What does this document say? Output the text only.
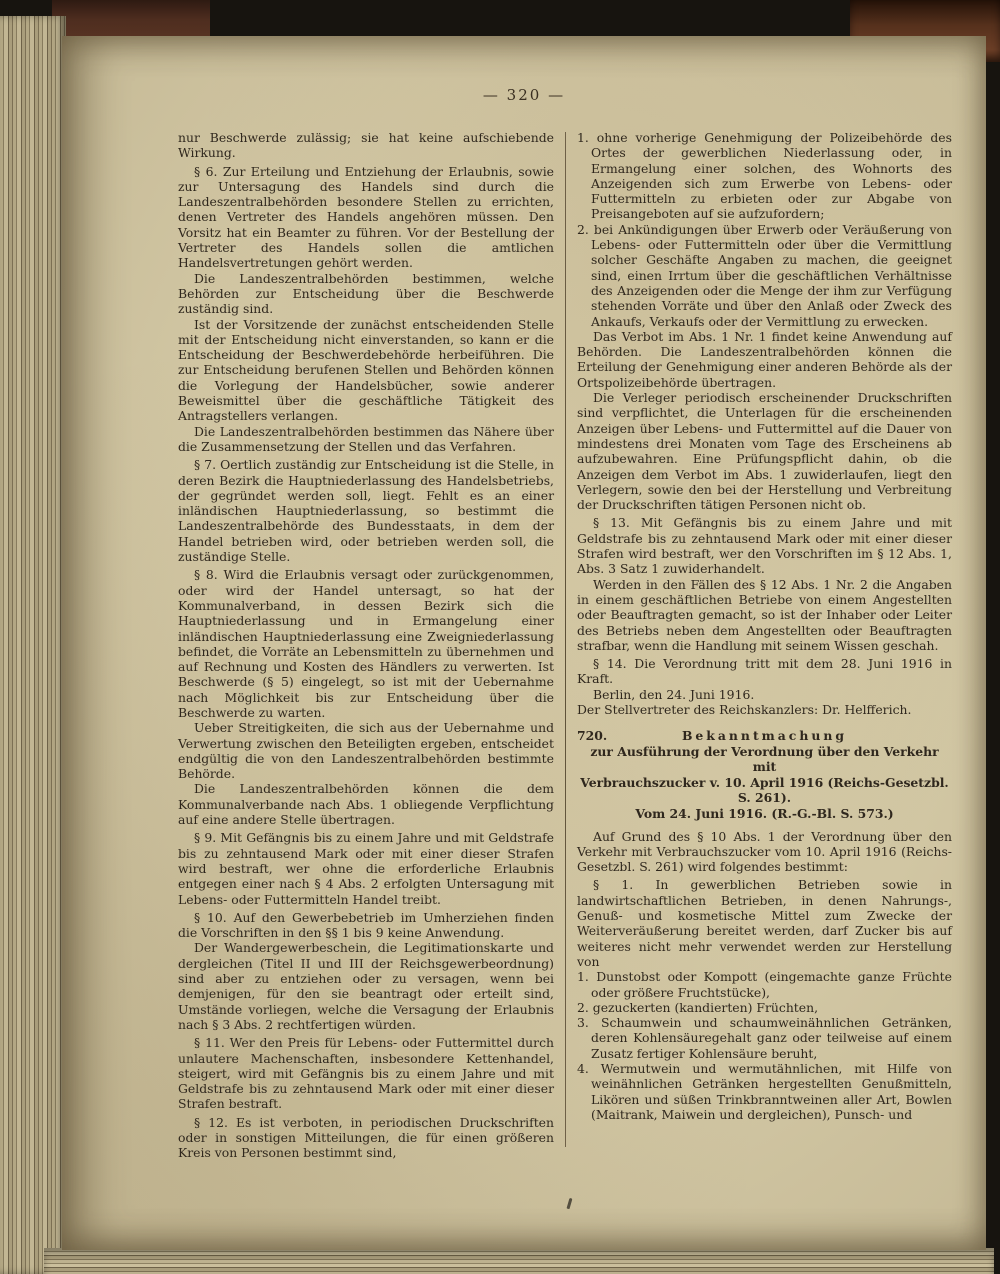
— 320 —

nur Beschwerde zulässig; sie hat keine aufschiebende Wirkung.

§ 6. Zur Erteilung und Entziehung der Erlaubnis, sowie zur Untersagung des Handels sind durch die Landeszentralbehörden besondere Stellen zu errichten, denen Vertreter des Handels angehören müssen. Den Vorsitz hat ein Beamter zu führen. Vor der Bestellung der Vertreter des Handels sollen die amtlichen Handelsvertretungen gehört werden.

Die Landeszentralbehörden bestimmen, welche Behörden zur Entscheidung über die Beschwerde zuständig sind.

Ist der Vorsitzende der zunächst entscheidenden Stelle mit der Entscheidung nicht einverstanden, so kann er die Entscheidung der Beschwerdebehörde herbeiführen. Die zur Entscheidung berufenen Stellen und Behörden können die Vorlegung der Handelsbücher, sowie anderer Beweismittel über die geschäftliche Tätigkeit des Antragstellers verlangen.

Die Landeszentralbehörden bestimmen das Nähere über die Zusammensetzung der Stellen und das Verfahren.

§ 7. Oertlich zuständig zur Entscheidung ist die Stelle, in deren Bezirk die Hauptniederlassung des Handelsbetriebs, der gegründet werden soll, liegt. Fehlt es an einer inländischen Hauptniederlassung, so bestimmt die Landeszentralbehörde des Bundesstaats, in dem der Handel betrieben wird, oder betrieben werden soll, die zuständige Stelle.

§ 8. Wird die Erlaubnis versagt oder zurückgenommen, oder wird der Handel untersagt, so hat der Kommunalverband, in dessen Bezirk sich die Hauptniederlassung und in Ermangelung einer inländischen Hauptniederlassung eine Zweigniederlassung befindet, die Vorräte an Lebensmitteln zu übernehmen und auf Rechnung und Kosten des Händlers zu verwerten. Ist Beschwerde (§ 5) eingelegt, so ist mit der Uebernahme nach Möglichkeit bis zur Entscheidung über die Beschwerde zu warten.

Ueber Streitigkeiten, die sich aus der Uebernahme und Verwertung zwischen den Beteiligten ergeben, entscheidet endgültig die von den Landeszentralbehörden bestimmte Behörde.

Die Landeszentralbehörden können die dem Kommunalverbande nach Abs. 1 obliegende Verpflichtung auf eine andere Stelle übertragen.

§ 9. Mit Gefängnis bis zu einem Jahre und mit Geldstrafe bis zu zehntausend Mark oder mit einer dieser Strafen wird bestraft, wer ohne die erforderliche Erlaubnis entgegen einer nach § 4 Abs. 2 erfolgten Untersagung mit Lebens- oder Futtermitteln Handel treibt.

§ 10. Auf den Gewerbebetrieb im Umherziehen finden die Vorschriften in den §§ 1 bis 9 keine Anwendung.

Der Wandergewerbeschein, die Legitimationskarte und dergleichen (Titel II und III der Reichsgewerbeordnung) sind aber zu entziehen oder zu versagen, wenn bei demjenigen, für den sie beantragt oder erteilt sind, Umstände vorliegen, welche die Versagung der Erlaubnis nach § 3 Abs. 2 rechtfertigen würden.

§ 11. Wer den Preis für Lebens- oder Futtermittel durch unlautere Machenschaften, insbesondere Kettenhandel, steigert, wird mit Gefängnis bis zu einem Jahre und mit Geldstrafe bis zu zehntausend Mark oder mit einer dieser Strafen bestraft.

§ 12. Es ist verboten, in periodischen Druckschriften oder in sonstigen Mitteilungen, die für einen größeren Kreis von Personen bestimmt sind,

1. ohne vorherige Genehmigung der Polizeibehörde des Ortes der gewerblichen Niederlassung oder, in Ermangelung einer solchen, des Wohnorts des Anzeigenden sich zum Erwerbe von Lebens- oder Futtermitteln zu erbieten oder zur Abgabe von Preisangeboten auf sie aufzufordern;

2. bei Ankündigungen über Erwerb oder Veräußerung von Lebens- oder Futtermitteln oder über die Vermittlung solcher Geschäfte Angaben zu machen, die geeignet sind, einen Irrtum über die geschäftlichen Verhältnisse des Anzeigenden oder die Menge der ihm zur Verfügung stehenden Vorräte und über den Anlaß oder Zweck des Ankaufs, Verkaufs oder der Vermittlung zu erwecken.

Das Verbot im Abs. 1 Nr. 1 findet keine Anwendung auf Behörden. Die Landeszentralbehörden können die Erteilung der Genehmigung einer anderen Behörde als der Ortspolizeibehörde übertragen.

Die Verleger periodisch erscheinender Druckschriften sind verpflichtet, die Unterlagen für die erscheinenden Anzeigen über Lebens- und Futtermittel auf die Dauer von mindestens drei Monaten vom Tage des Erscheinens ab aufzubewahren. Eine Prüfungspflicht dahin, ob die Anzeigen dem Verbot im Abs. 1 zuwiderlaufen, liegt den Verlegern, sowie den bei der Herstellung und Verbreitung der Druckschriften tätigen Personen nicht ob.

§ 13. Mit Gefängnis bis zu einem Jahre und mit Geldstrafe bis zu zehntausend Mark oder mit einer dieser Strafen wird bestraft, wer den Vorschriften im § 12 Abs. 1, Abs. 3 Satz 1 zuwiderhandelt.

Werden in den Fällen des § 12 Abs. 1 Nr. 2 die Angaben in einem geschäftlichen Betriebe von einem Angestellten oder Beauftragten gemacht, so ist der Inhaber oder Leiter des Betriebs neben dem Angestellten oder Beauftragten strafbar, wenn die Handlung mit seinem Wissen geschah.

§ 14. Die Verordnung tritt mit dem 28. Juni 1916 in Kraft.

Berlin, den 24. Juni 1916.

Der Stellvertreter des Reichskanzlers: Dr. Helfferich.

720.	Bekanntmachung

zur Ausführung der Verordnung über den Verkehr mit

Verbrauchszucker v. 10. April 1916 (Reichs-Gesetzbl. S. 261).

Vom 24. Juni 1916. (R.-G.-Bl. S. 573.)

Auf Grund des § 10 Abs. 1 der Verordnung über den Verkehr mit Verbrauchszucker vom 10. April 1916 (Reichs-Gesetzbl. S. 261) wird folgendes bestimmt:

§ 1. In gewerblichen Betrieben sowie in landwirtschaftlichen Betrieben, in denen Nahrungs-, Genuß- und kosmetische Mittel zum Zwecke der Weiterveräußerung bereitet werden, darf Zucker bis auf weiteres nicht mehr verwendet werden zur Herstellung von

1. Dunstobst oder Kompott (eingemachte ganze Früchte oder größere Fruchtstücke),

2. gezuckerten (kandierten) Früchten,

3. Schaumwein und schaumweinähnlichen Getränken, deren Kohlensäuregehalt ganz oder teilweise auf einem Zusatz fertiger Kohlensäure beruht,

4. Wermutwein und wermutähnlichen, mit Hilfe von weinähnlichen Getränken hergestellten Genußmitteln, Likören und süßen Trinkbranntweinen aller Art, Bowlen (Maitrank, Maiwein und dergleichen), Punsch- und
